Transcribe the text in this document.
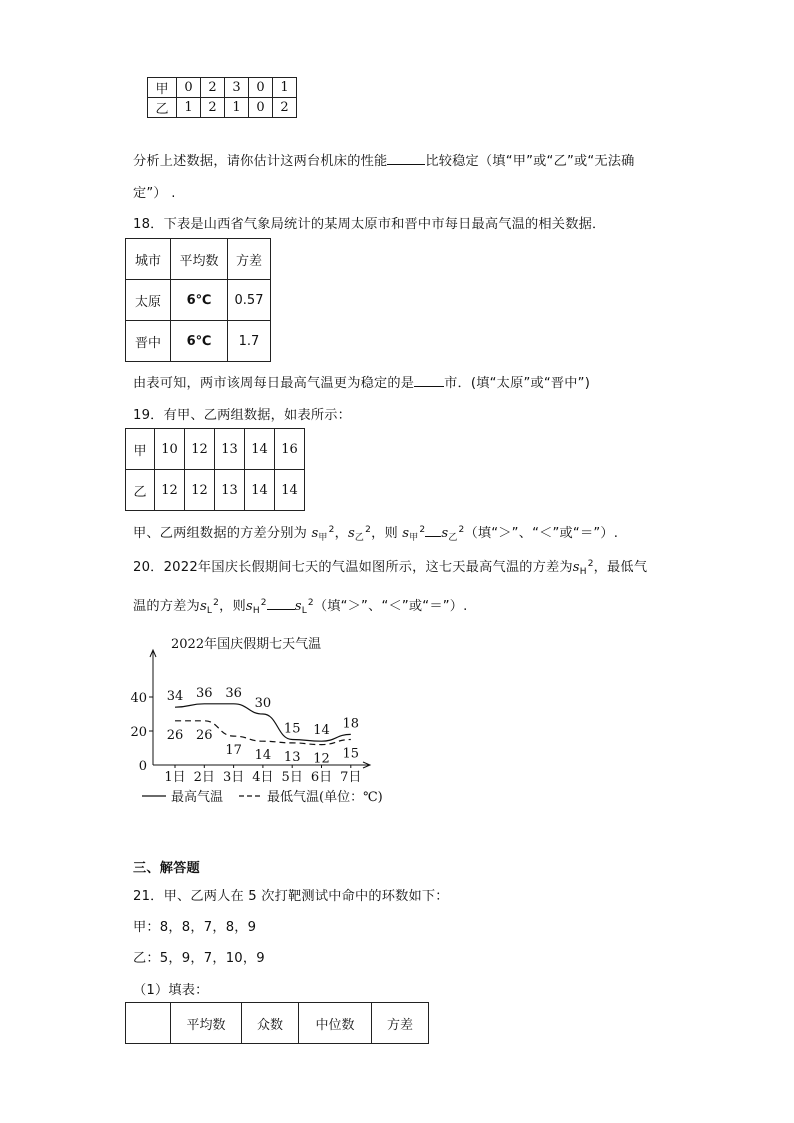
甲	0	2	3	0	1
乙	1	2	1	0	2
分析上述数据，请你估计这两台机床的性能	比较稳定（填“甲”或“乙”或“无法确
定”） .
18．下表是山西省气象局统计的某周太原市和晋中市每日最高气温的相关数据．
城市	平均数	方差
太原	6℃	0.57
晋中	6℃	1.7
由表可知，两市该周每日最高气温更为稳定的是 市．(填“太原”或“晋中”)
19．有甲、乙两组数据，如表所示：
甲	10	12	13	14	16
乙	12	12	13	14	14
甲、乙两组数据的方差分别为 $s_甲^2$，$s_乙^2$，则 $s_甲^2$ $s_乙^2$（填“＞”、“＜”或“＝”）.
20．2022年国庆长假期间七天的气温如图所示，这七天最高气温的方差为$s_H^2$，最低气
温的方差为$s_L^2$，则$s_H^2$ $s_L^2$（填“＞”、“＜”或“＝”）.
2022年国庆假期七天气温
34 36 36
30
15 14 18
26 26
17 14 13 12 15
1日 2日 3日 4日 5日 6日 7日
0
20
40
最高气温	最低气温(单位：℃)
三、解答题
21．甲、乙两人在 5 次打靶测试中命中的环数如下：
甲：8，8，7，8，9
乙：5，9，7，10，9
（1）填表：
	平均数	众数	中位数	方差
